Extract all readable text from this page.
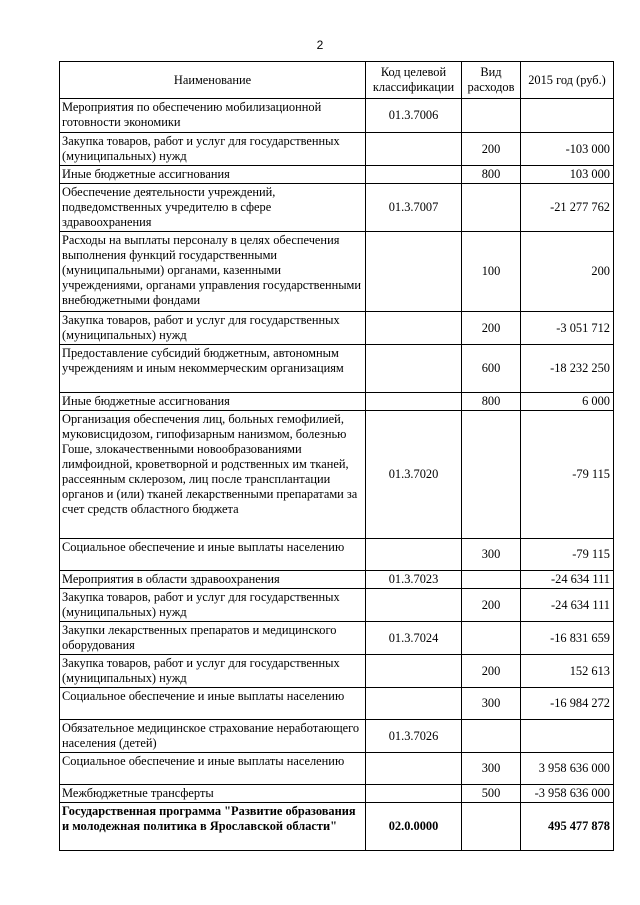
2
Наименование	Код целевой классификации	Вид расходов	2015 год (руб.)
Мероприятия по обеспечению мобилизационной готовности экономики	01.3.7006		
Закупка товаров, работ и услуг для государственных (муниципальных) нужд		200	-103 000
Иные бюджетные ассигнования		800	103 000
Обеспечение деятельности учреждений, подведомственных учредителю в сфере здравоохранения	01.3.7007		-21 277 762
Расходы на выплаты персоналу в целях обеспечения выполнения функций государственными (муниципальными) органами, казенными учреждениями, органами управления государственными внебюджетными фондами		100	200
Закупка товаров, работ и услуг для государственных (муниципальных) нужд		200	-3 051 712
Предоставление субсидий бюджетным, автономным учреждениям и иным некоммерческим организациям		600	-18 232 250
Иные бюджетные ассигнования		800	6 000
Организация обеспечения лиц, больных гемофилией, муковисцидозом, гипофизарным нанизмом, болезнью Гоше, злокачественными новообразованиями лимфоидной, кроветворной и родственных им тканей, рассеянным склерозом, лиц после трансплантации органов и (или) тканей лекарственными препаратами за счет средств областного бюджета	01.3.7020		-79 115
Социальное обеспечение и иные выплаты населению		300	-79 115
Мероприятия в области здравоохранения	01.3.7023		-24 634 111
Закупка товаров, работ и услуг для государственных (муниципальных) нужд		200	-24 634 111
Закупки лекарственных препаратов и медицинского оборудования	01.3.7024		-16 831 659
Закупка товаров, работ и услуг для государственных (муниципальных) нужд		200	152 613
Социальное обеспечение и иные выплаты населению		300	-16 984 272
Обязательное медицинское страхование неработающего населения (детей)	01.3.7026		
Социальное обеспечение и иные выплаты населению		300	3 958 636 000
Межбюджетные трансферты		500	-3 958 636 000
Государственная программа "Развитие образования и молодежная политика в Ярославской области"	02.0.0000		495 477 878
